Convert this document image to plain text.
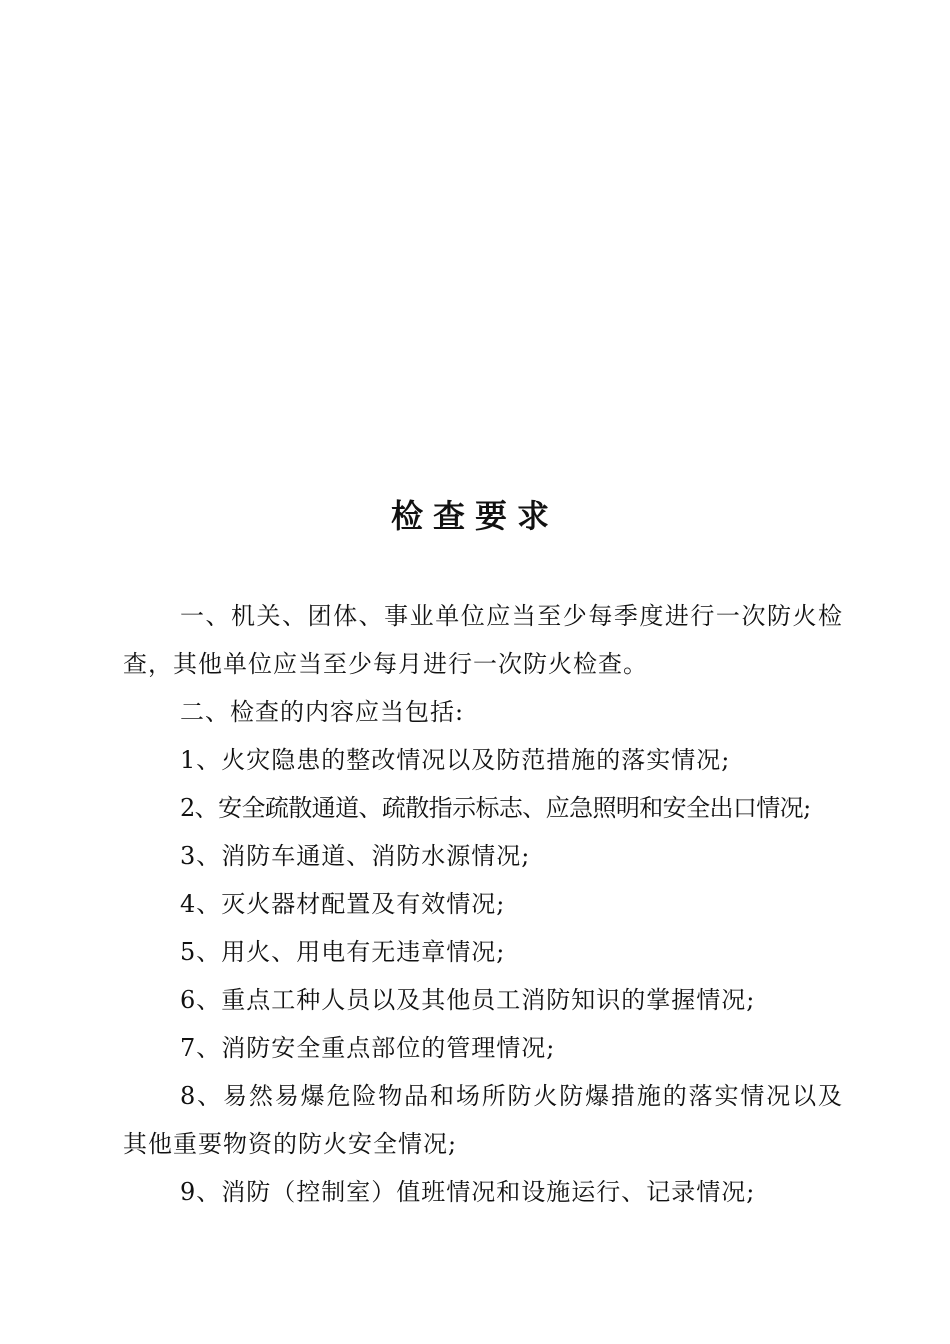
检查要求

一、机关、团体、事业单位应当至少每季度进行一次防火检查，其他单位应当至少每月进行一次防火检查。

二、检查的内容应当包括:

1、火灾隐患的整改情况以及防范措施的落实情况;

2、安全疏散通道、疏散指示标志、应急照明和安全出口情况;

3、消防车通道、消防水源情况;

4、灭火器材配置及有效情况;

5、用火、用电有无违章情况;

6、重点工种人员以及其他员工消防知识的掌握情况;

7、消防安全重点部位的管理情况;

8、易然易爆危险物品和场所防火防爆措施的落实情况以及其他重要物资的防火安全情况;

9、消防（控制室）值班情况和设施运行、记录情况;
